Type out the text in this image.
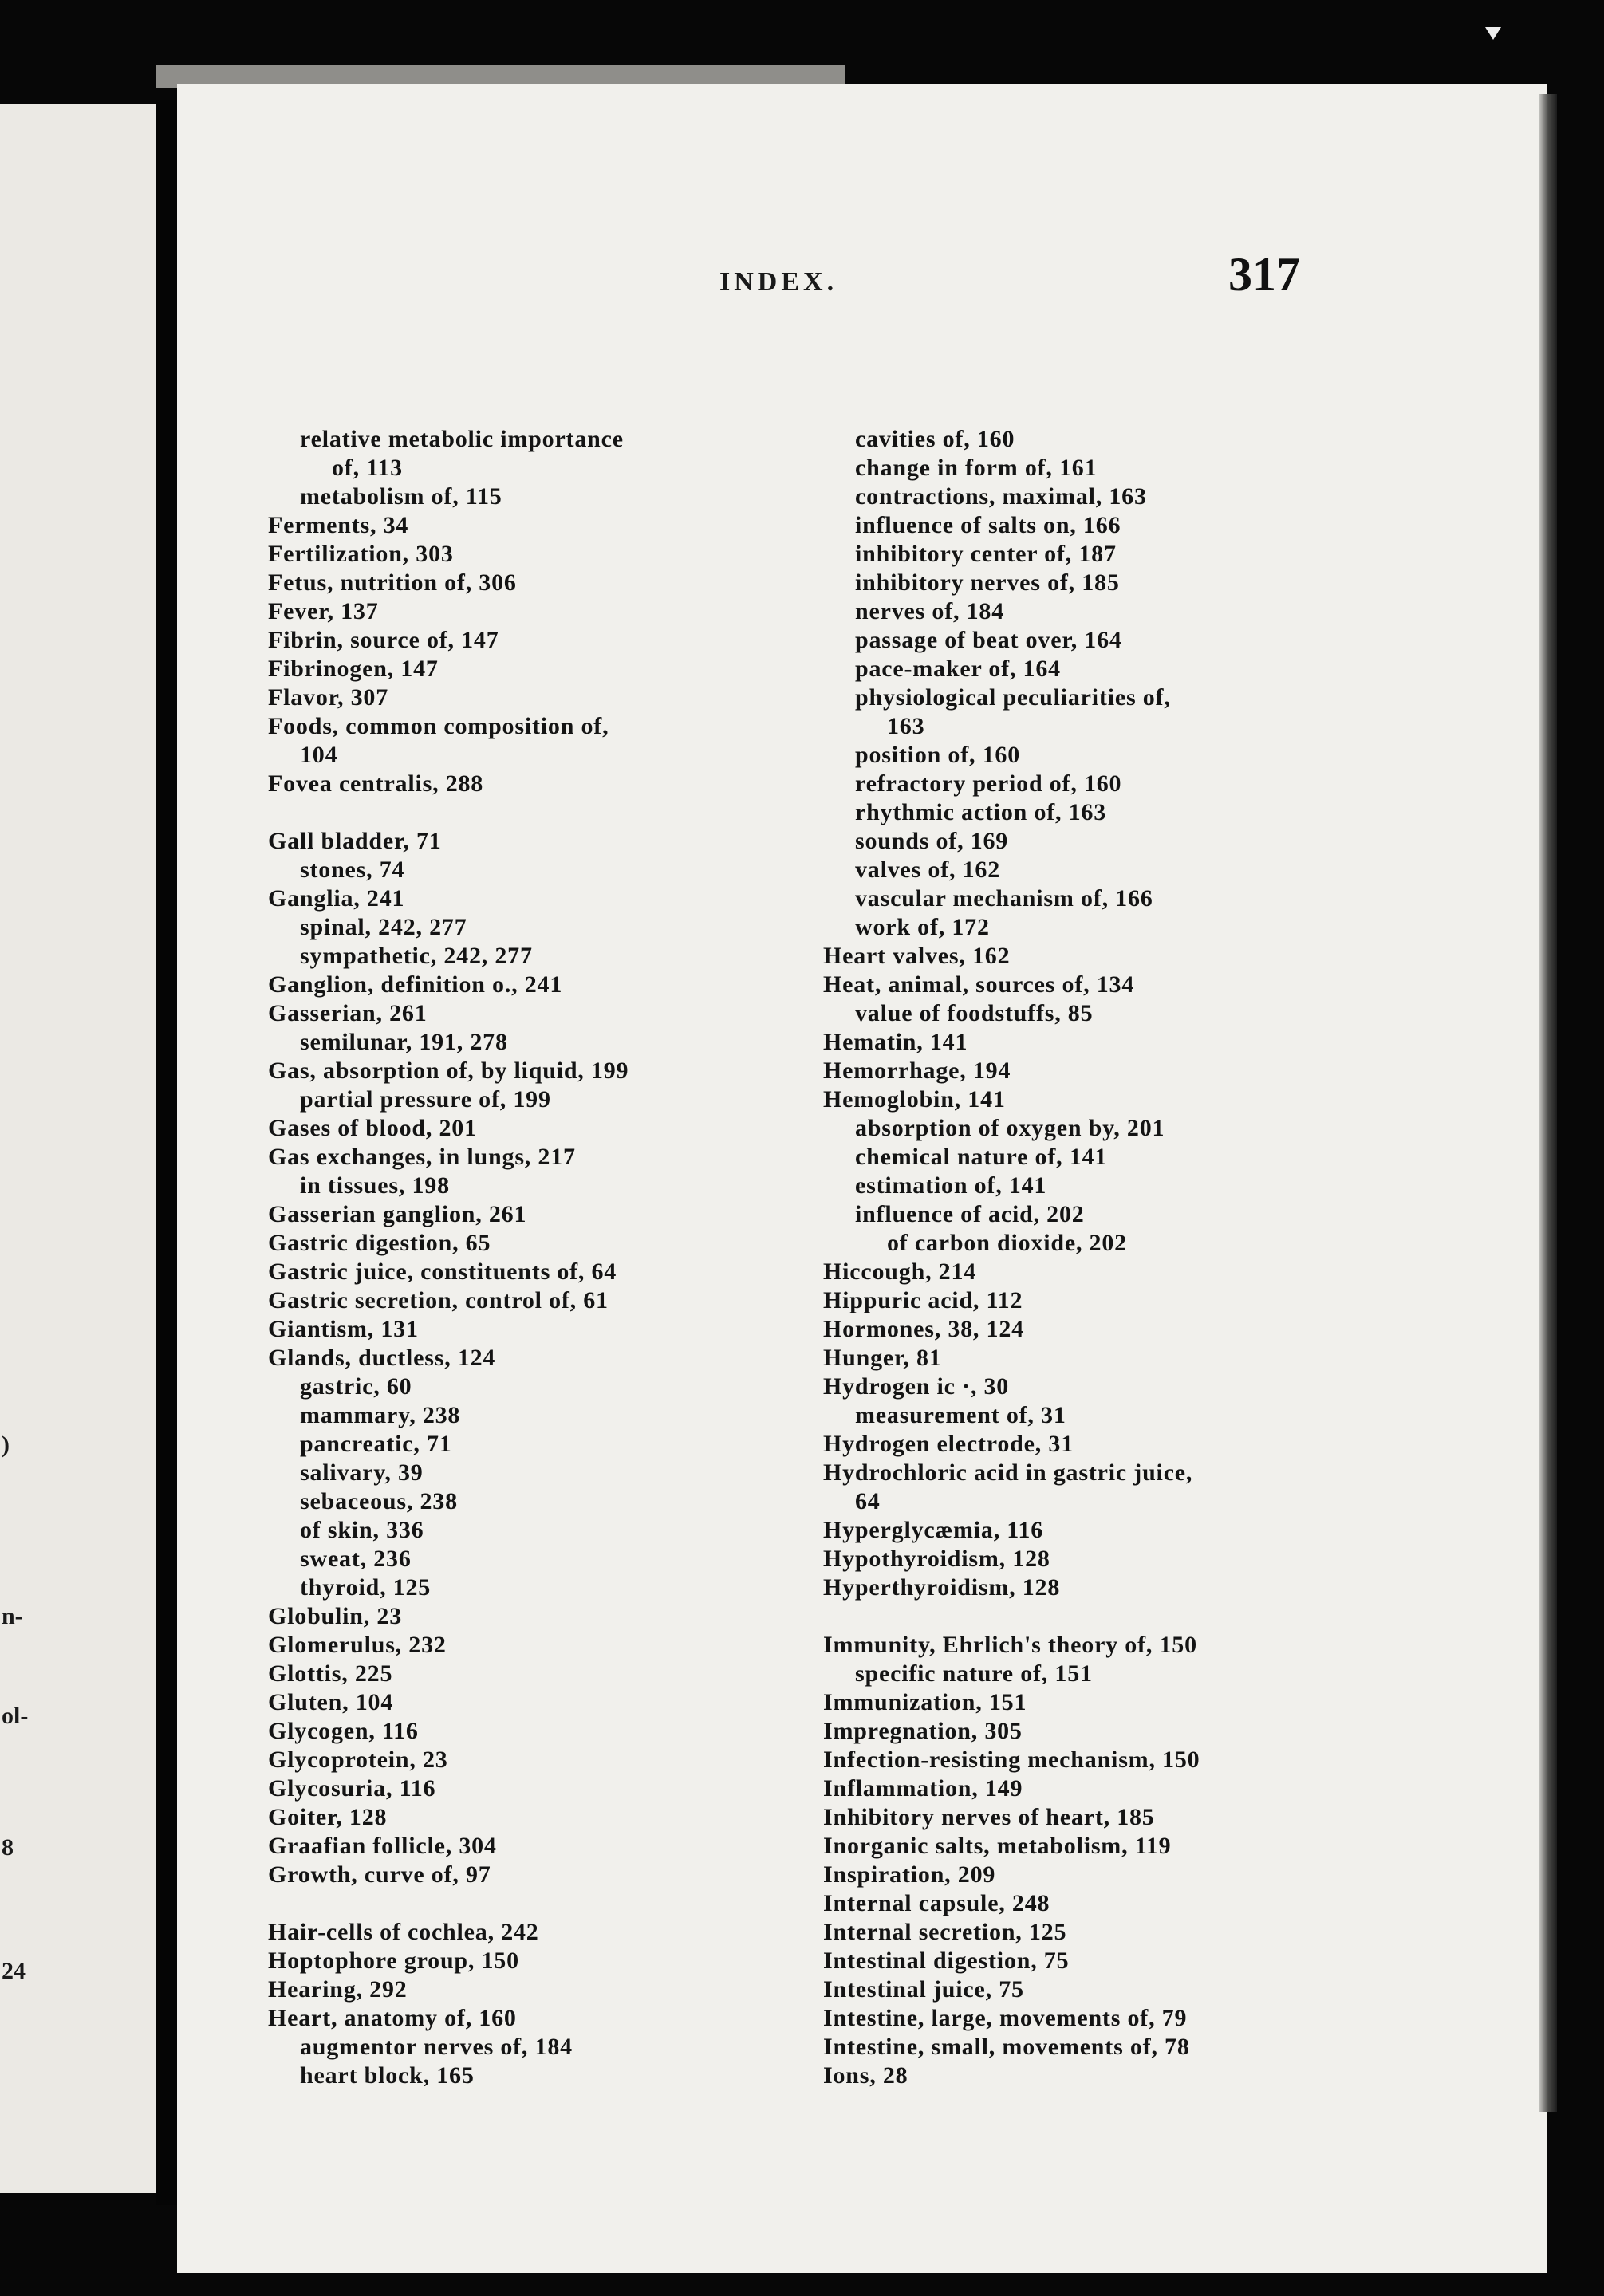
)
n-
ol-
8
24
INDEX.	317
relative metabolic importance
of, 113
metabolism of, 115
Ferments, 34
Fertilization, 303
Fetus, nutrition of, 306
Fever, 137
Fibrin, source of, 147
Fibrinogen, 147
Flavor, 307
Foods, common composition of,
104
Fovea centralis, 288
Gall bladder, 71
stones, 74
Ganglia, 241
spinal, 242, 277
sympathetic, 242, 277
Ganglion, definition o., 241
Gasserian, 261
semilunar, 191, 278
Gas, absorption of, by liquid, 199
partial pressure of, 199
Gases of blood, 201
Gas exchanges, in lungs, 217
in tissues, 198
Gasserian ganglion, 261
Gastric digestion, 65
Gastric juice, constituents of, 64
Gastric secretion, control of, 61
Giantism, 131
Glands, ductless, 124
gastric, 60
mammary, 238
pancreatic, 71
salivary, 39
sebaceous, 238
of skin, 336
sweat, 236
thyroid, 125
Globulin, 23
Glomerulus, 232
Glottis, 225
Gluten, 104
Glycogen, 116
Glycoprotein, 23
Glycosuria, 116
Goiter, 128
Graafian follicle, 304
Growth, curve of, 97
Hair-cells of cochlea, 242
Hoptophore group, 150
Hearing, 292
Heart, anatomy of, 160
augmentor nerves of, 184
heart block, 165
cavities of, 160
change in form of, 161
contractions, maximal, 163
influence of salts on, 166
inhibitory center of, 187
inhibitory nerves of, 185
nerves of, 184
passage of beat over, 164
pace-maker of, 164
physiological peculiarities of,
163
position of, 160
refractory period of, 160
rhythmic action of, 163
sounds of, 169
valves of, 162
vascular mechanism of, 166
work of, 172
Heart valves, 162
Heat, animal, sources of, 134
value of foodstuffs, 85
Hematin, 141
Hemorrhage, 194
Hemoglobin, 141
absorption of oxygen by, 201
chemical nature of, 141
estimation of, 141
influence of acid, 202
of carbon dioxide, 202
Hiccough, 214
Hippuric acid, 112
Hormones, 38, 124
Hunger, 81
Hydrogen ic ·, 30
measurement of, 31
Hydrogen electrode, 31
Hydrochloric acid in gastric juice,
64
Hyperglycæmia, 116
Hypothyroidism, 128
Hyperthyroidism, 128
Immunity, Ehrlich's theory of, 150
specific nature of, 151
Immunization, 151
Impregnation, 305
Infection-resisting mechanism, 150
Inflammation, 149
Inhibitory nerves of heart, 185
Inorganic salts, metabolism, 119
Inspiration, 209
Internal capsule, 248
Internal secretion, 125
Intestinal digestion, 75
Intestinal juice, 75
Intestine, large, movements of, 79
Intestine, small, movements of, 78
Ions, 28
